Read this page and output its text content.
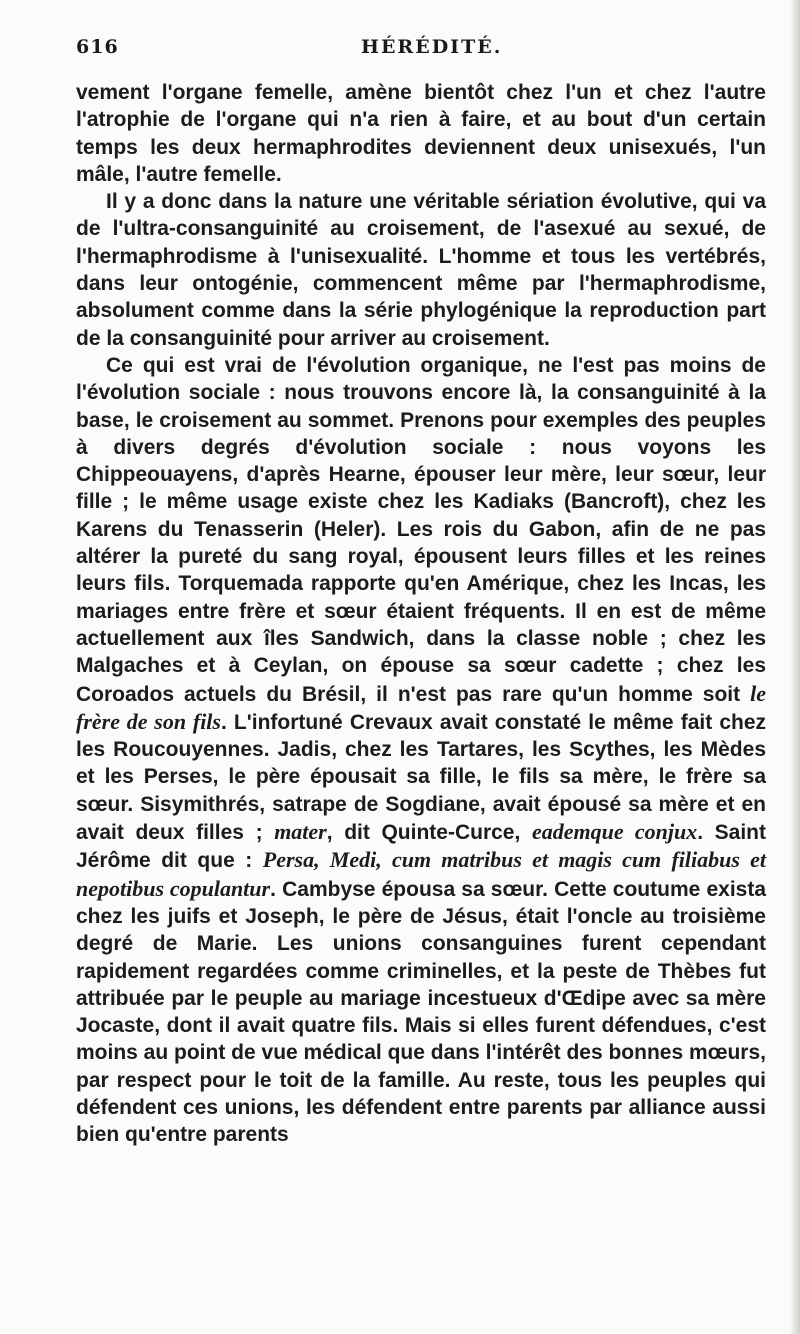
616	HÉRÉDITÉ.

vement l'organe femelle, amène bientôt chez l'un et chez l'autre l'atrophie de l'organe qui n'a rien à faire, et au bout d'un certain temps les deux hermaphrodites deviennent deux unisexués, l'un mâle, l'autre femelle.

Il y a donc dans la nature une véritable sériation évolutive, qui va de l'ultra-consanguinité au croisement, de l'asexué au sexué, de l'hermaphrodisme à l'unisexualité. L'homme et tous les vertébrés, dans leur ontogénie, commencent même par l'hermaphrodisme, absolument comme dans la série phylogénique la reproduction part de la consanguinité pour arriver au croisement.

Ce qui est vrai de l'évolution organique, ne l'est pas moins de l'évolution sociale : nous trouvons encore là, la consanguinité à la base, le croisement au sommet. Prenons pour exemples des peuples à divers degrés d'évolution sociale : nous voyons les Chippeouayens, d'après Hearne, épouser leur mère, leur sœur, leur fille ; le même usage existe chez les Kadiaks (Bancroft), chez les Karens du Tenasserin (Heler). Les rois du Gabon, afin de ne pas altérer la pureté du sang royal, épousent leurs filles et les reines leurs fils. Torquemada rapporte qu'en Amérique, chez les Incas, les mariages entre frère et sœur étaient fréquents. Il en est de même actuellement aux îles Sandwich, dans la classe noble ; chez les Malgaches et à Ceylan, on épouse sa sœur cadette ; chez les Coroados actuels du Brésil, il n'est pas rare qu'un homme soit le frère de son fils. L'infortuné Crevaux avait constaté le même fait chez les Roucouyennes. Jadis, chez les Tartares, les Scythes, les Mèdes et les Perses, le père épousait sa fille, le fils sa mère, le frère sa sœur. Sisymithrés, satrape de Sogdiane, avait épousé sa mère et en avait deux filles ; mater, dit Quinte-Curce, eademque conjux. Saint Jérôme dit que : Persa, Medi, cum matribus et magis cum filiabus et nepotibus copulantur. Cambyse épousa sa sœur. Cette coutume exista chez les juifs et Joseph, le père de Jésus, était l'oncle au troisième degré de Marie. Les unions consanguines furent cependant rapidement regardées comme criminelles, et la peste de Thèbes fut attribuée par le peuple au mariage incestueux d'Œdipe avec sa mère Jocaste, dont il avait quatre fils. Mais si elles furent défendues, c'est moins au point de vue médical que dans l'intérêt des bonnes mœurs, par respect pour le toit de la famille. Au reste, tous les peuples qui défendent ces unions, les défendent entre parents par alliance aussi bien qu'entre parents
